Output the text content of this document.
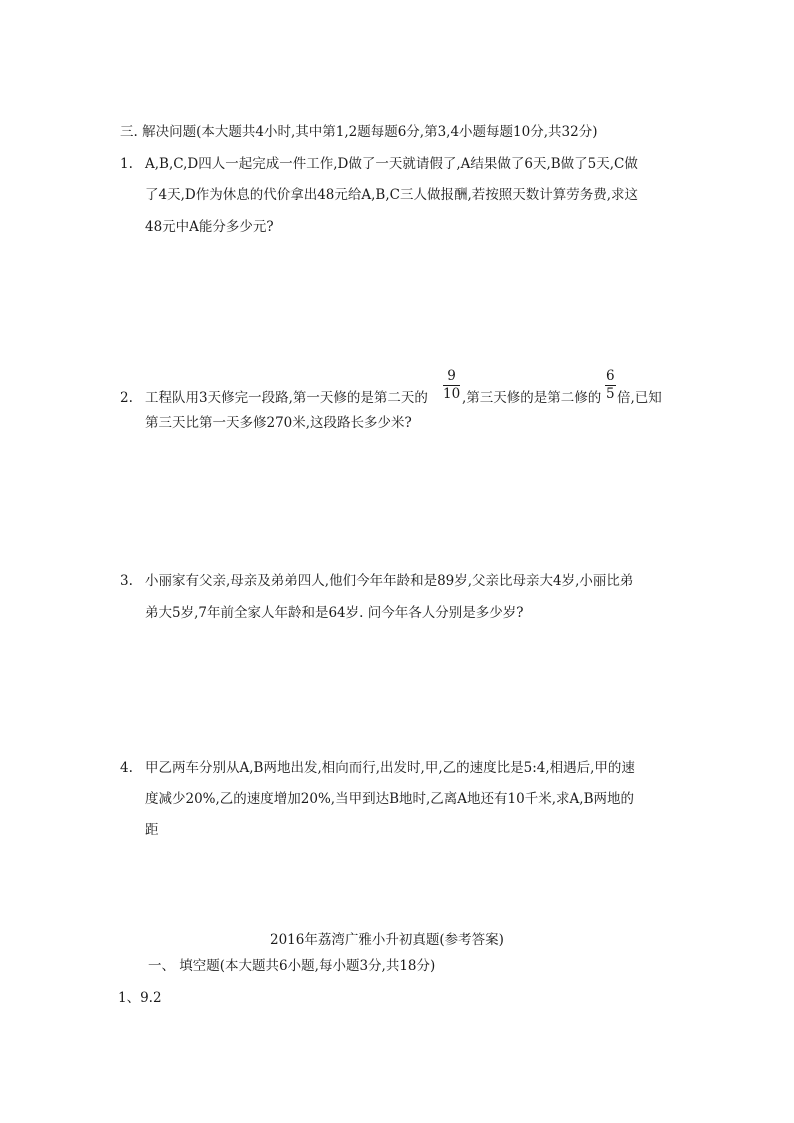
三. 解决问题(本大题共4小时,其中第1,2题每题6分,第3,4小题每题10分,共32分)
1. A,B,C,D四人一起完成一件工作,D做了一天就请假了,A结果做了6天,B做了5天,C做
了4天,D作为休息的代价拿出48元给A,B,C三人做报酬,若按照天数计算劳务费,求这
48元中A能分多少元?
2. 工程队用3天修完一段路,第一天修的是第二天的 $\frac{9}{10}$ ,第三天修的是第二修的 $\frac{6}{5}$ 倍,已知
第三天比第一天多修270米,这段路长多少米?
3. 小丽家有父亲,母亲及弟弟四人,他们今年年龄和是89岁,父亲比母亲大4岁,小丽比弟
弟大5岁,7年前全家人年龄和是64岁. 问今年各人分别是多少岁?
4. 甲乙两车分别从A,B两地出发,相向而行,出发时,甲,乙的速度比是5:4,相遇后,甲的速
度减少20%,乙的速度增加20%,当甲到达B地时,乙离A地还有10千米,求A,B两地的
距
2016年荔湾广雅小升初真题(参考答案)
一、 填空题(本大题共6小题,每小题3分,共18分)
1、9.2
